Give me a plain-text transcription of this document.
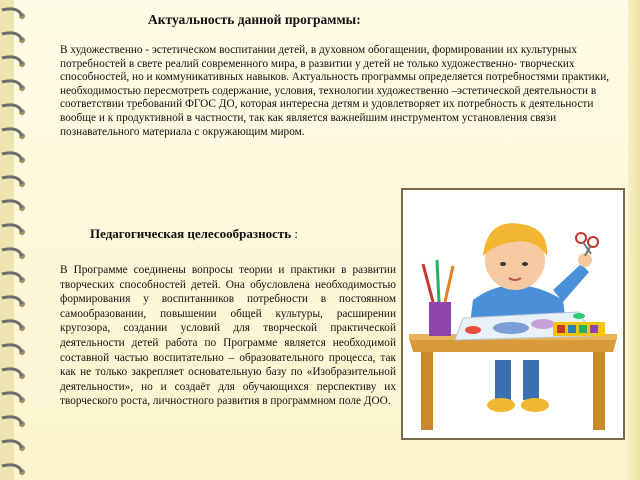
Актуальность данной программы:

В художественно - эстетическом воспитании детей, в духовном обогащении, формировании их культурных потребностей в свете реалий современного мира, в развитии у детей не только художественно- творческих способностей, но и коммуникативных навыков. Актуальность программы определяется потребностями практики, необходимостью пересмотреть содержание, условия, технологии художественно –эстетической деятельности в соответствии требований ФГОС ДО, которая интересна детям и удовлетворяет их потребность к деятельности вообще и к продуктивной в частности, так как является важнейшим инструментом установления связи познавательного материала с окружающим миром.

Педагогическая целесообразность :

В Программе соединены вопросы теории и практики в развитии творческих способностей детей. Она обусловлена необходимостью формирования у воспитанников потребности в постоянном самообразовании, повышении общей культуры, расширении кругозора, создании условий для творческой практической деятельности детей работа по Программе является необходимой составной частью воспитательно – образовательного процесса, так как не только закрепляет основательную базу по «Изобразительной деятельности», но и создаёт для обучающихся перспективу их творческого роста, личностного развития в программном поле ДОО.
